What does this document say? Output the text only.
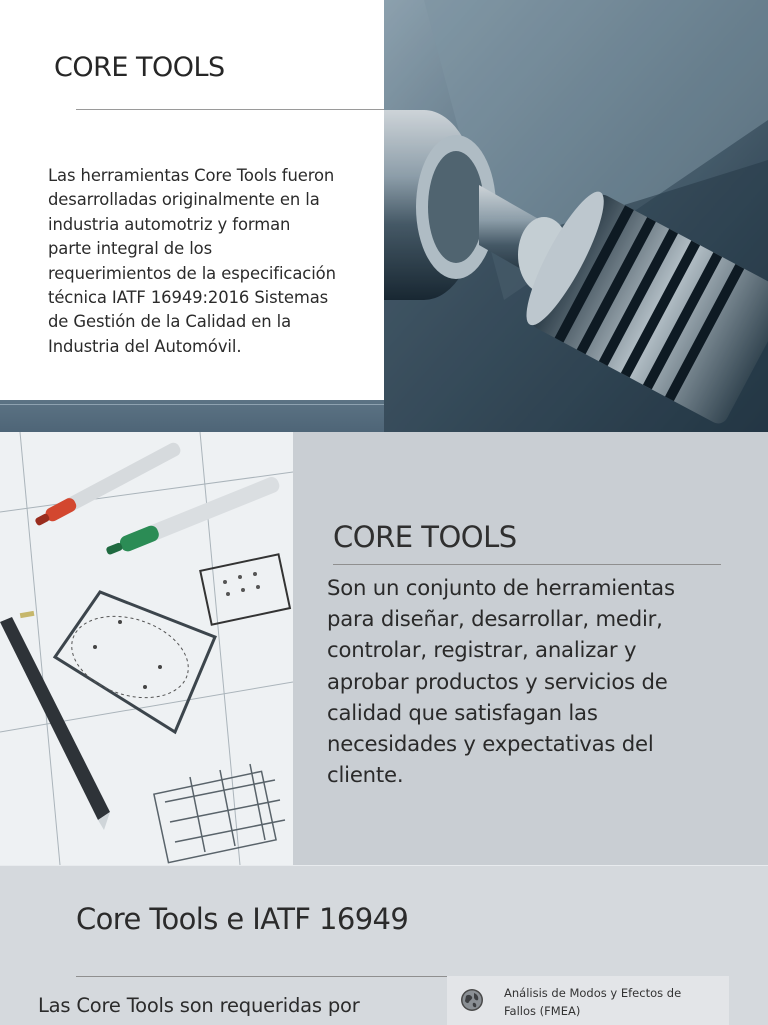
CORE TOOLS
Las herramientas Core Tools fueron
desarrolladas originalmente en la
industria automotriz y forman
parte integral de los
requerimientos de la especificación
técnica IATF 16949:2016 Sistemas
de Gestión de la Calidad en la
Industria del Automóvil.
CORE TOOLS
Son un conjunto de herramientas
para diseñar, desarrollar, medir,
controlar, registrar, analizar y
aprobar productos y servicios de
calidad que satisfagan las
necesidades y expectativas del
cliente.
Core Tools e IATF 16949
Las Core Tools son requeridas por
Análisis de Modos y Efectos de
Fallos (FMEA)
